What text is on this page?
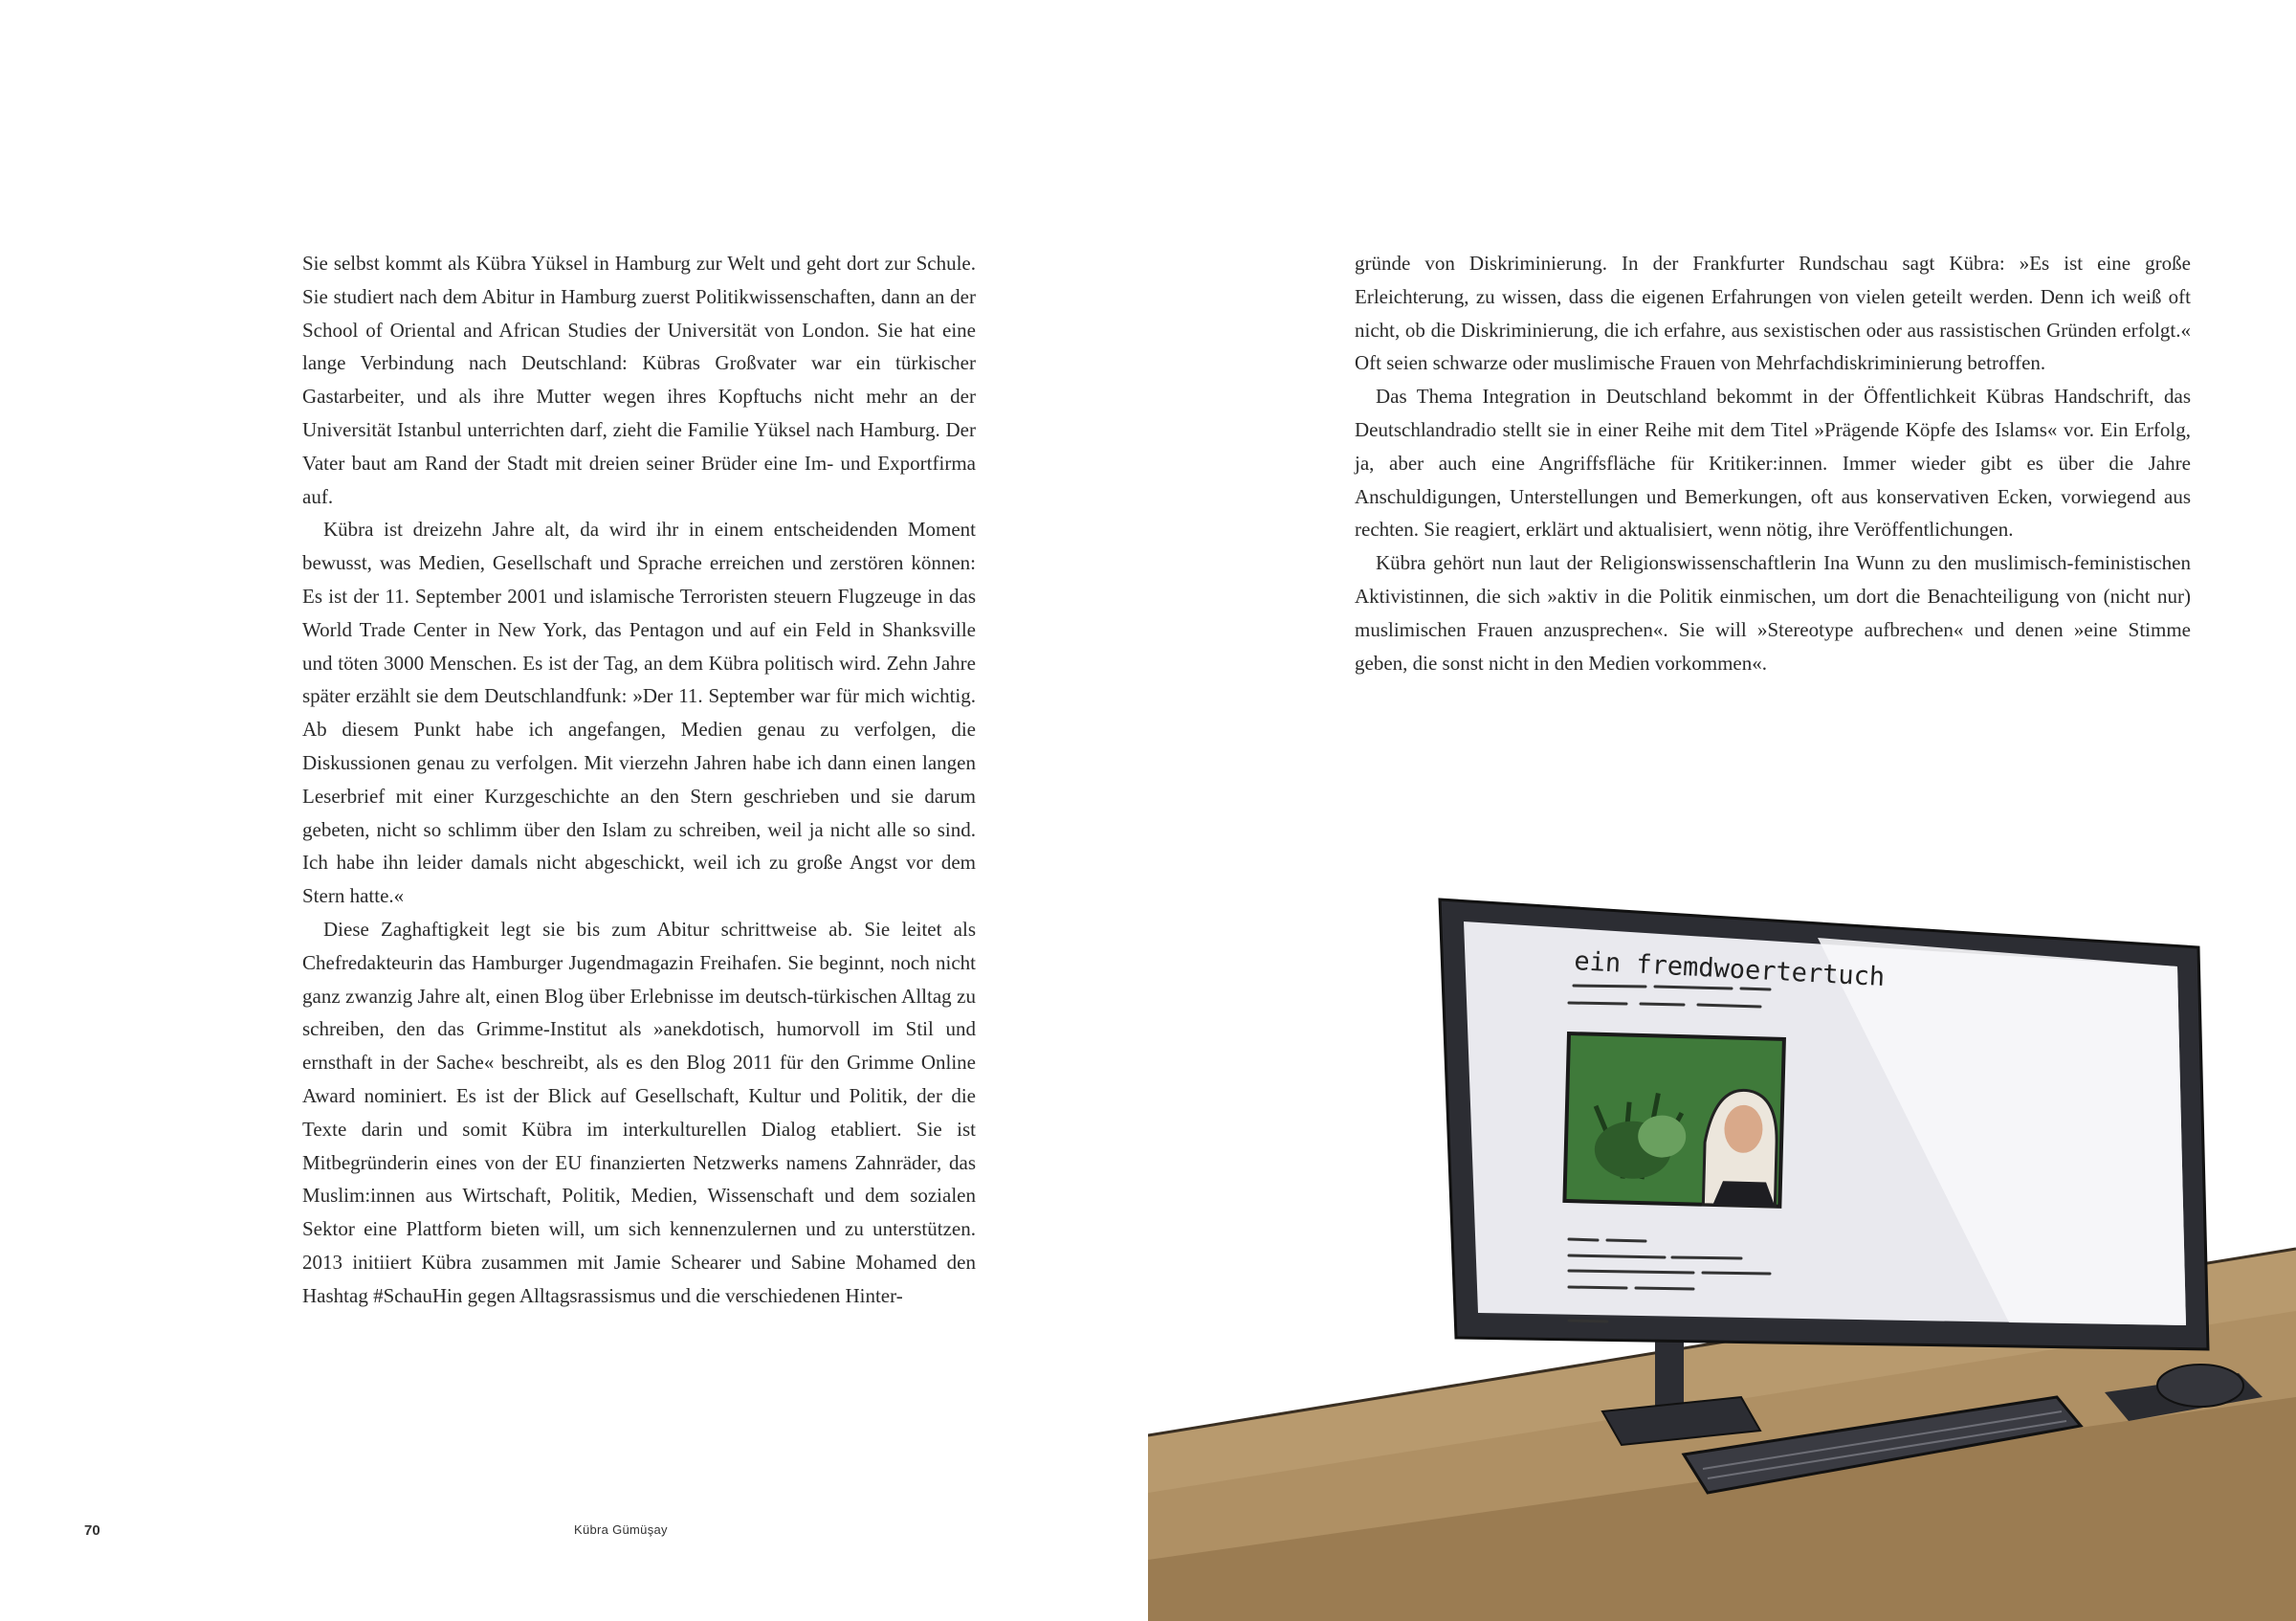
Sie selbst kommt als Kübra Yüksel in Hamburg zur Welt und geht dort zur Schule. Sie studiert nach dem Abitur in Hamburg zuerst Politikwissenschaften, dann an der School of Oriental and African Studies der Universität von London. Sie hat eine lange Verbindung nach Deutschland: Kübras Großvater war ein türkischer Gastarbeiter, und als ihre Mutter wegen ihres Kopftuchs nicht mehr an der Universität Istanbul unterrichten darf, zieht die Familie Yüksel nach Hamburg. Der Vater baut am Rand der Stadt mit dreien seiner Brüder eine Im- und Exportfirma auf.

Kübra ist dreizehn Jahre alt, da wird ihr in einem entscheidenden Moment bewusst, was Medien, Gesellschaft und Sprache erreichen und zerstören können: Es ist der 11. September 2001 und islamische Terroristen steuern Flugzeuge in das World Trade Center in New York, das Pentagon und auf ein Feld in Shanksville und töten 3000 Menschen. Es ist der Tag, an dem Kübra politisch wird. Zehn Jahre später erzählt sie dem Deutschlandfunk: »Der 11. September war für mich wichtig. Ab diesem Punkt habe ich angefangen, Medien genau zu verfolgen, die Diskussionen genau zu verfolgen. Mit vierzehn Jahren habe ich dann einen langen Leserbrief mit einer Kurzgeschichte an den Stern geschrieben und sie darum gebeten, nicht so schlimm über den Islam zu schreiben, weil ja nicht alle so sind. Ich habe ihn leider damals nicht abgeschickt, weil ich zu große Angst vor dem Stern hatte.«

Diese Zaghaftigkeit legt sie bis zum Abitur schrittweise ab. Sie leitet als Chefredakteurin das Hamburger Jugendmagazin Freihafen. Sie beginnt, noch nicht ganz zwanzig Jahre alt, einen Blog über Erlebnisse im deutsch-türkischen Alltag zu schreiben, den das Grimme-Institut als »anekdotisch, humorvoll im Stil und ernsthaft in der Sache« beschreibt, als es den Blog 2011 für den Grimme Online Award nominiert. Es ist der Blick auf Gesellschaft, Kultur und Politik, der die Texte darin und somit Kübra im interkulturellen Dialog etabliert. Sie ist Mitbegründerin eines von der EU finanzierten Netzwerks namens Zahnräder, das Muslim:innen aus Wirtschaft, Politik, Medien, Wissenschaft und dem sozialen Sektor eine Plattform bieten will, um sich kennenzulernen und zu unterstützen. 2013 initiiert Kübra zusammen mit Jamie Schearer und Sabine Mohamed den Hashtag #SchauHin gegen Alltagsrassismus und die verschiedenen Hinter-

70	Kübra Gümüşay

gründe von Diskriminierung. In der Frankfurter Rundschau sagt Kübra: »Es ist eine große Erleichterung, zu wissen, dass die eigenen Erfahrungen von vielen geteilt werden. Denn ich weiß oft nicht, ob die Diskriminierung, die ich erfahre, aus sexistischen oder aus rassistischen Gründen erfolgt.« Oft seien schwarze oder muslimische Frauen von Mehrfachdiskriminierung betroffen.

Das Thema Integration in Deutschland bekommt in der Öffentlichkeit Kübras Handschrift, das Deutschlandradio stellt sie in einer Reihe mit dem Titel »Prägende Köpfe des Islams« vor. Ein Erfolg, ja, aber auch eine Angriffsfläche für Kritiker:innen. Immer wieder gibt es über die Jahre Anschuldigungen, Unterstellungen und Bemerkungen, oft aus konservativen Ecken, vorwiegend aus rechten. Sie reagiert, erklärt und aktualisiert, wenn nötig, ihre Veröffentlichungen.

Kübra gehört nun laut der Religionswissenschaftlerin Ina Wunn zu den muslimisch-feministischen Aktivistinnen, die sich »aktiv in die Politik einmischen, um dort die Benachteiligung von (nicht nur) muslimischen Frauen anzusprechen«. Sie will »Stereotype aufbrechen« und denen »eine Stimme geben, die sonst nicht in den Medien vorkommen«.

ein fremdwoertertuch
